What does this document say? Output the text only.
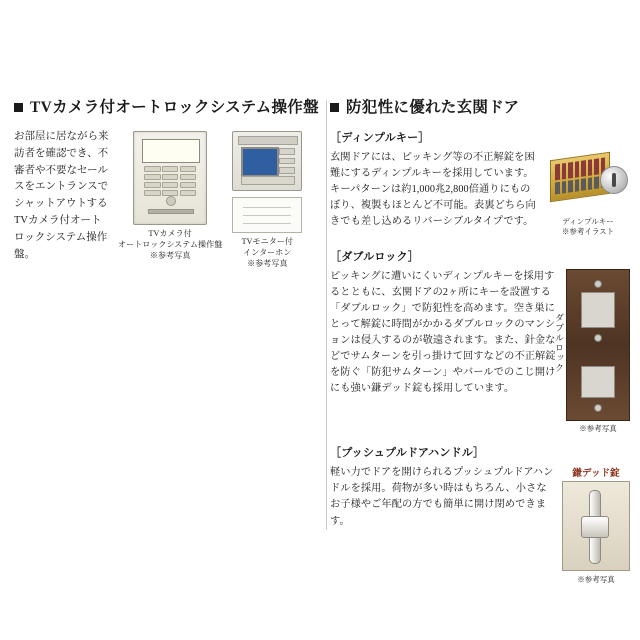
TVカメラ付オートロックシステム操作盤
お部屋に居ながら来訪者を確認でき、不審者や不要なセールスをエントランスでシャットアウトするTVカメラ付オートロックシステム操作盤。
TVカメラ付
オートロックシステム操作盤
※参考写真
TVモニター付
インターホン
※参考写真
防犯性に優れた玄関ドア
［ディンプルキー］
玄関ドアには、ピッキング等の不正解錠を困難にするディンプルキーを採用しています。キーパターンは約1,000兆2,800倍通りにものぼり、複製もほとんど不可能。表裏どちら向きでも差し込めるリバーシブルタイプです。	ディンプルキー
※参考イラスト
［ダブルロック］
ピッキングに遭いにくいディンプルキーを採用するとともに、玄関ドアの2ヶ所にキーを設置する「ダブルロック」で防犯性を高めます。空き巣にとって解錠に時間がかかるダブルロックのマンションは侵入するのが敬遠されます。また、針金などでサムターンを引っ掛けて回すなどの不正解錠を防ぐ「防犯サムターン」やバールでのこじ開けにも強い鎌デッド錠も採用しています。
ダブルロック
※参考写真
［プッシュプルドアハンドル］
軽い力でドアを開けられるプッシュプルドアハンドルを採用。荷物が多い時はもちろん、小さなお子様やご年配の方でも簡単に開け閉めできます。
鎌デッド錠
※参考写真
